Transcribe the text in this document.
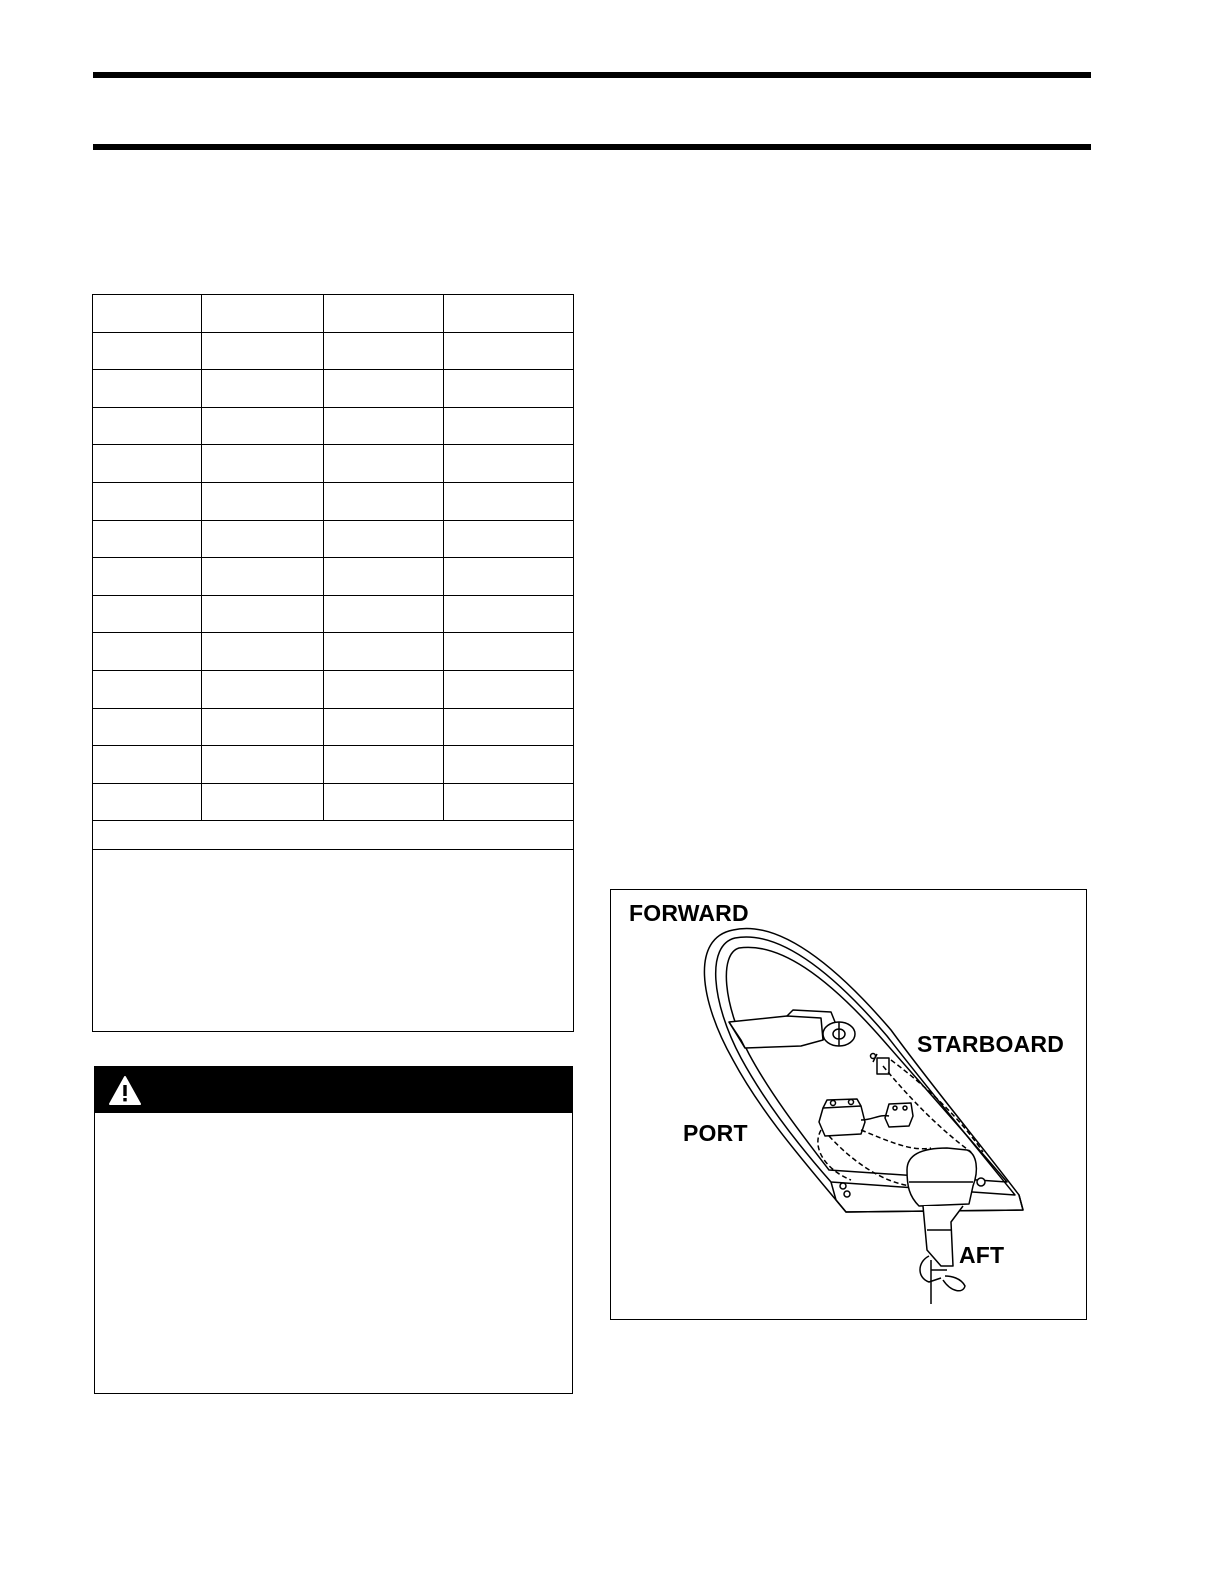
FORWARD
STARBOARD
PORT
AFT
